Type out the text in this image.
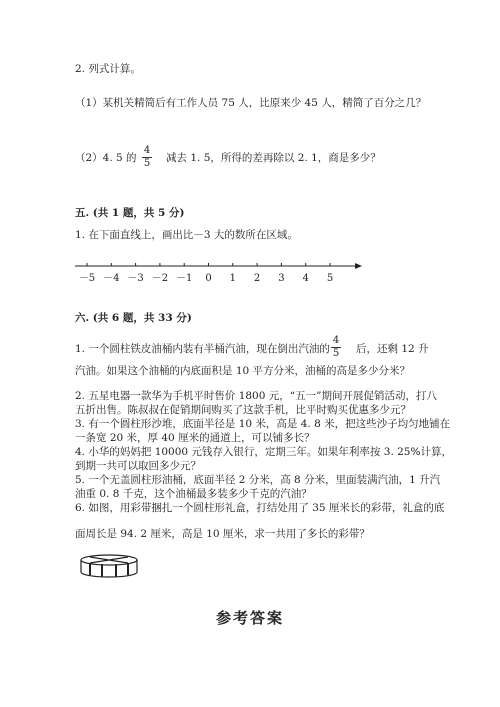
2. 列式计算。
（1）某机关精简后有工作人员 75 人，比原来少 45 人，精简了百分之几？
（2）4. 5 的
4
5 减去 1. 5，所得的差再除以 2. 1，商是多少？
五. (共 1 题，共 5 分)
1. 在下面直线上，画出比－3 大的数所在区域。
－5 －4 －3 －2 －1 0 1 2 3 4 5
六. (共 6 题，共 33 分)
1. 一个圆柱铁皮油桶内装有半桶汽油，现在倒出汽油的
4
5 后，还剩 12 升
汽油。如果这个油桶的内底面积是 10 平方分米，油桶的高是多少分米？
2. 五星电器一款华为手机平时售价 1800 元，“五一”期间开展促销活动，打八
五折出售。陈叔叔在促销期间购买了这款手机，比平时购买优惠多少元？
3. 有一个圆柱形沙堆，底面半径是 10 米，高是 4. 8 米，把这些沙子均匀地铺在
一条宽 20 米，厚 40 厘米的通道上，可以铺多长？
4. 小华的妈妈把 10000 元钱存入银行，定期三年。如果年利率按 3. 25%计算，
到期一共可以取回多少元？
5. 一个无盖圆柱形油桶，底面半径 2 分米，高 8 分米，里面装满汽油，1 升汽
油重 0. 8 千克，这个油桶最多装多少千克的汽油？
6. 如图，用彩带捆扎一个圆柱形礼盒，打结处用了 35 厘米长的彩带，礼盒的底
面周长是 94. 2 厘米，高是 10 厘米，求一共用了多长的彩带？
参考答案
